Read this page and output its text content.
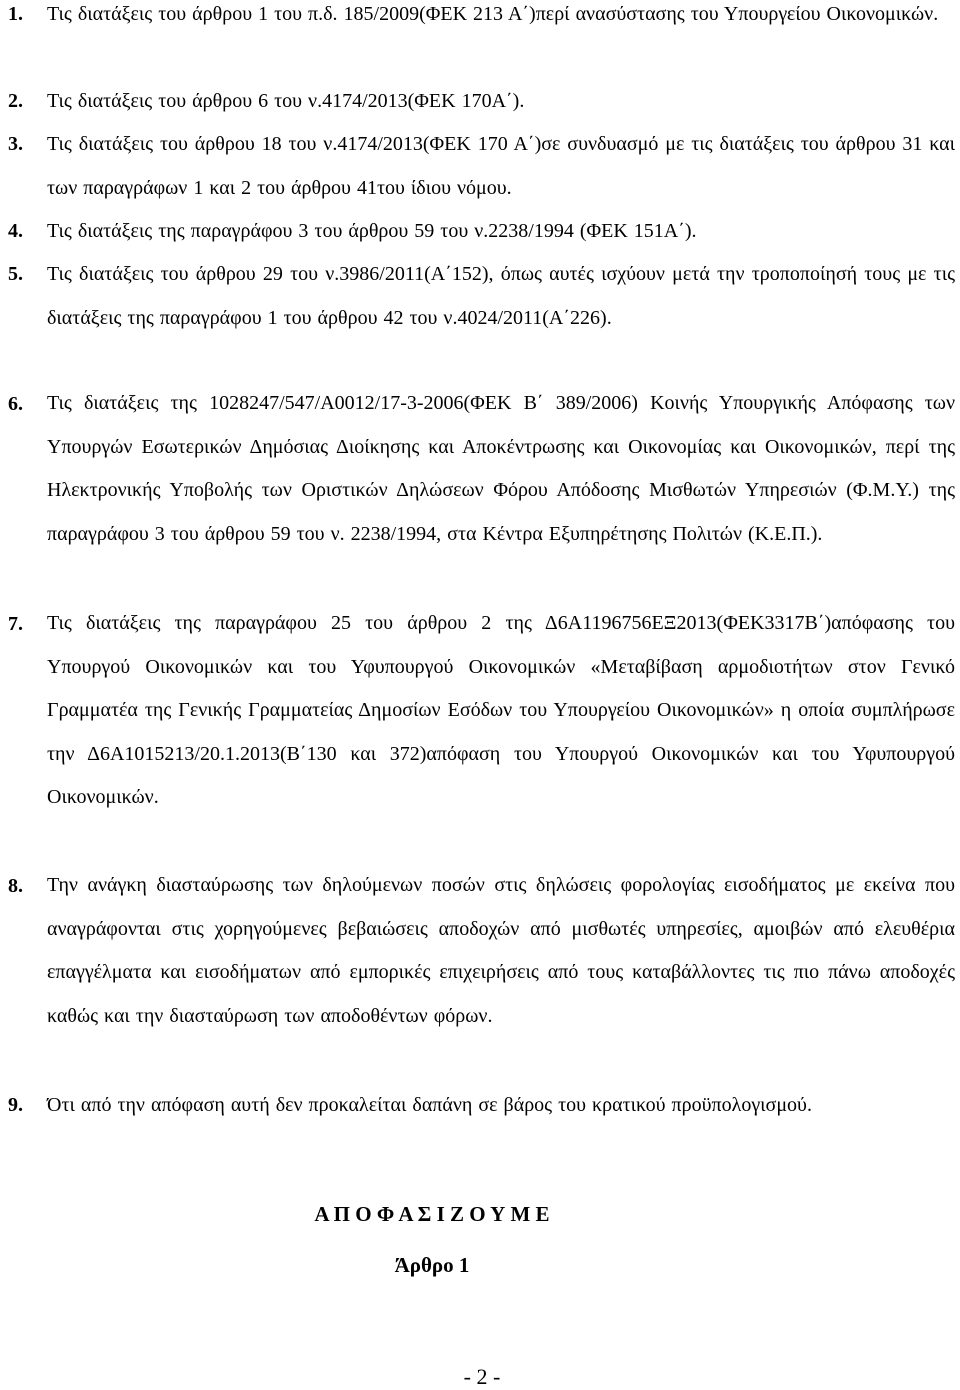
1. Τις διατάξεις του άρθρου 1 του π.δ. 185/2009(ΦΕΚ 213 Α΄)περί ανασύστασης του Υπουργείου Οικονομικών.
2. Τις διατάξεις του άρθρου 6 του ν.4174/2013(ΦΕΚ 170Α΄).
3. Τις διατάξεις του άρθρου 18 του ν.4174/2013(ΦΕΚ 170 Α΄)σε συνδυασμό με τις διατάξεις του άρθρου 31 και των παραγράφων 1 και 2 του άρθρου 41του ίδιου νόμου.
4. Τις διατάξεις της παραγράφου 3 του άρθρου 59 του ν.2238/1994 (ΦΕΚ 151Α΄).
5. Τις διατάξεις του άρθρου 29 του ν.3986/2011(Α΄152), όπως αυτές ισχύουν μετά την τροποποίησή τους με τις διατάξεις της παραγράφου 1 του άρθρου 42 του ν.4024/2011(Α΄226).
6. Τις διατάξεις της 1028247/547/Α0012/17-3-2006(ΦΕΚ Β΄ 389/2006) Κοινής Υπουργικής Απόφασης των Υπουργών Εσωτερικών Δημόσιας Διοίκησης και Αποκέντρωσης και Οικονομίας και Οικονομικών, περί της Ηλεκτρονικής Υποβολής των Οριστικών Δηλώσεων Φόρου Απόδοσης Μισθωτών Υπηρεσιών (Φ.Μ.Υ.) της παραγράφου 3 του άρθρου 59 του ν. 2238/1994, στα Κέντρα Εξυπηρέτησης Πολιτών (Κ.Ε.Π.).
7. Τις διατάξεις της παραγράφου 25 του άρθρου 2 της Δ6Α1196756ΕΞ2013(ΦΕΚ3317Β΄)απόφασης του Υπουργού Οικονομικών και του Υφυπουργού Οικονομικών «Μεταβίβαση αρμοδιοτήτων στον Γενικό Γραμματέα της Γενικής Γραμματείας Δημοσίων Εσόδων του Υπουργείου Οικονομικών» η οποία συμπλήρωσε την Δ6Α1015213/20.1.2013(Β΄130 και 372)απόφαση του Υπουργού Οικονομικών και του Υφυπουργού Οικονομικών.
8. Την ανάγκη διασταύρωσης των δηλούμενων ποσών στις δηλώσεις φορολογίας εισοδήματος με εκείνα που αναγράφονται στις χορηγούμενες βεβαιώσεις αποδοχών από μισθωτές υπηρεσίες, αμοιβών από ελευθέρια επαγγέλματα και εισοδήματων από εμπορικές επιχειρήσεις από τους καταβάλλοντες τις πιο πάνω αποδοχές καθώς και την διασταύρωση των αποδοθέντων φόρων.
9. Ότι από την απόφαση αυτή δεν προκαλείται δαπάνη σε βάρος του κρατικού προϋπολογισμού.
Α Π Ο Φ Α Σ Ι Ζ Ο Υ Μ Ε
Άρθρο 1
- 2 -
